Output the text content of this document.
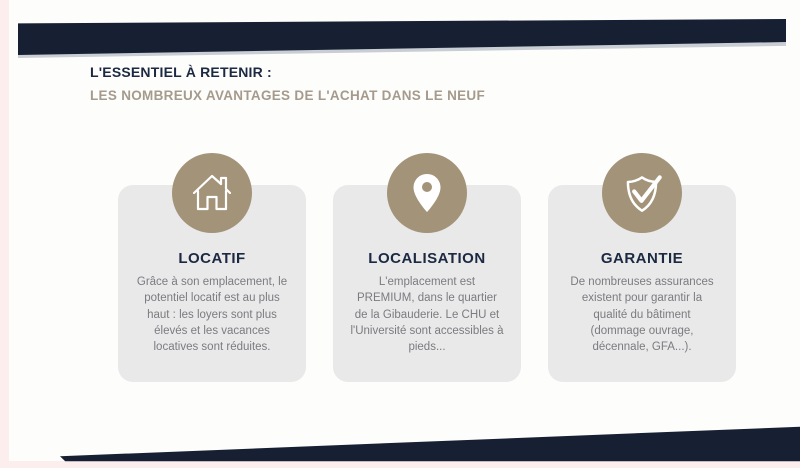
L'ESSENTIEL À RETENIR :
LES NOMBREUX AVANTAGES DE L'ACHAT DANS LE NEUF
LOCATIF
Grâce à son emplacement, le potentiel locatif est au plus haut : les loyers sont plus élevés et les vacances locatives sont réduites.
LOCALISATION
L'emplacement est PREMIUM, dans le quartier de la Gibauderie. Le CHU et l'Université sont accessibles à pieds...
GARANTIE
De nombreuses assurances existent pour garantir la qualité du bâtiment (dommage ouvrage, décennale, GFA...).
